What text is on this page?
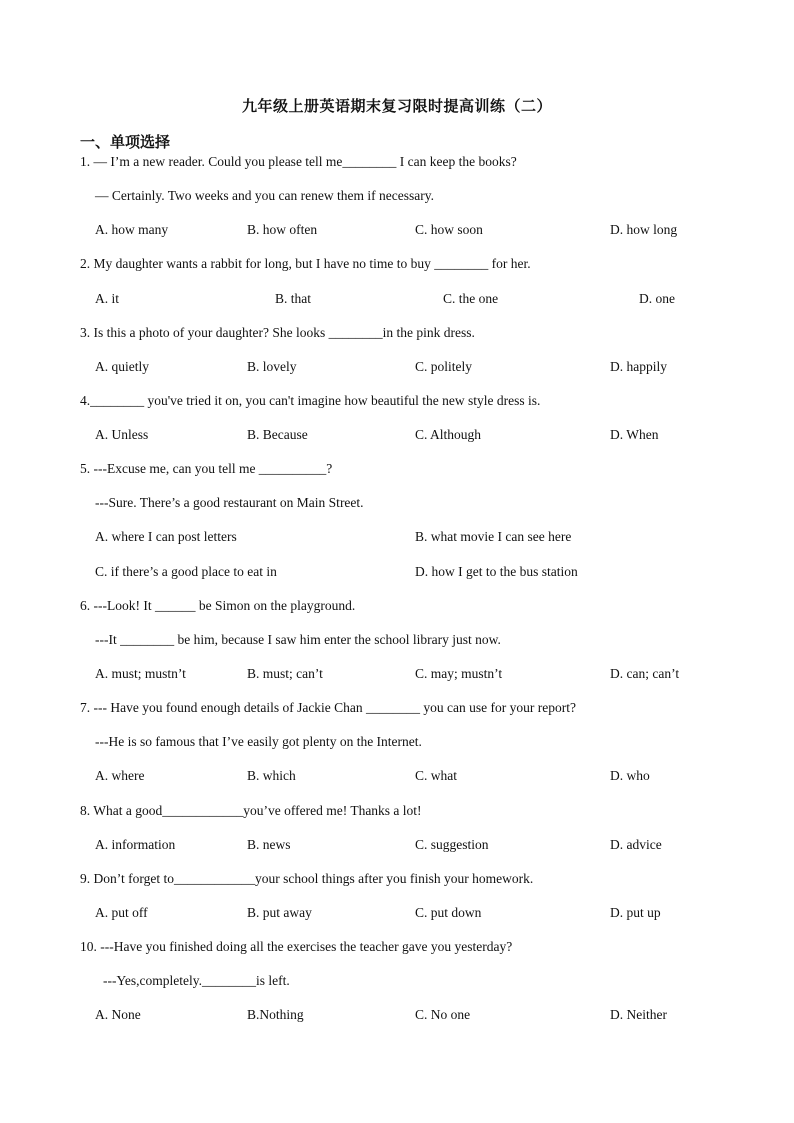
九年级上册英语期末复习限时提高训练（二）
一、单项选择
1. — I’m a new reader. Could you please tell me________ I can keep the books?
— Certainly. Two weeks and you can renew them if necessary.
A. how many	B. how often	C. how soon	D. how long
2. My daughter wants a rabbit for long, but I have no time to buy ________ for her.
A. it	B. that	C. the one	D. one
3. Is this a photo of your daughter? She looks ________in the pink dress.
A. quietly	B. lovely	C. politely	D. happily
4.________ you've tried it on, you can't imagine how beautiful the new style dress is.
A. Unless	B. Because	C. Although	D. When
5. ---Excuse me, can you tell me __________?
---Sure. There’s a good restaurant on Main Street.
A. where I can post letters	B. what movie I can see here
C. if there’s a good place to eat in	D. how I get to the bus station
6. ---Look! It ______ be Simon on the playground.
---It ________ be him, because I saw him enter the school library just now.
A. must; mustn’t	B. must; can’t	C. may; mustn’t	D. can; can’t
7. --- Have you found enough details of Jackie Chan ________ you can use for your report?
---He is so famous that I’ve easily got plenty on the Internet.
A. where	B. which	C. what	D. who
8. What a good____________you’ve offered me! Thanks a lot!
A. information	B. news	C. suggestion	D. advice
9. Don’t forget to____________your school things after you finish your homework.
A. put off	B. put away	C. put down	D. put up
10. ---Have you finished doing all the exercises the teacher gave you yesterday?
---Yes,completely.________is left.
A. None	B.Nothing	C. No one	D. Neither
